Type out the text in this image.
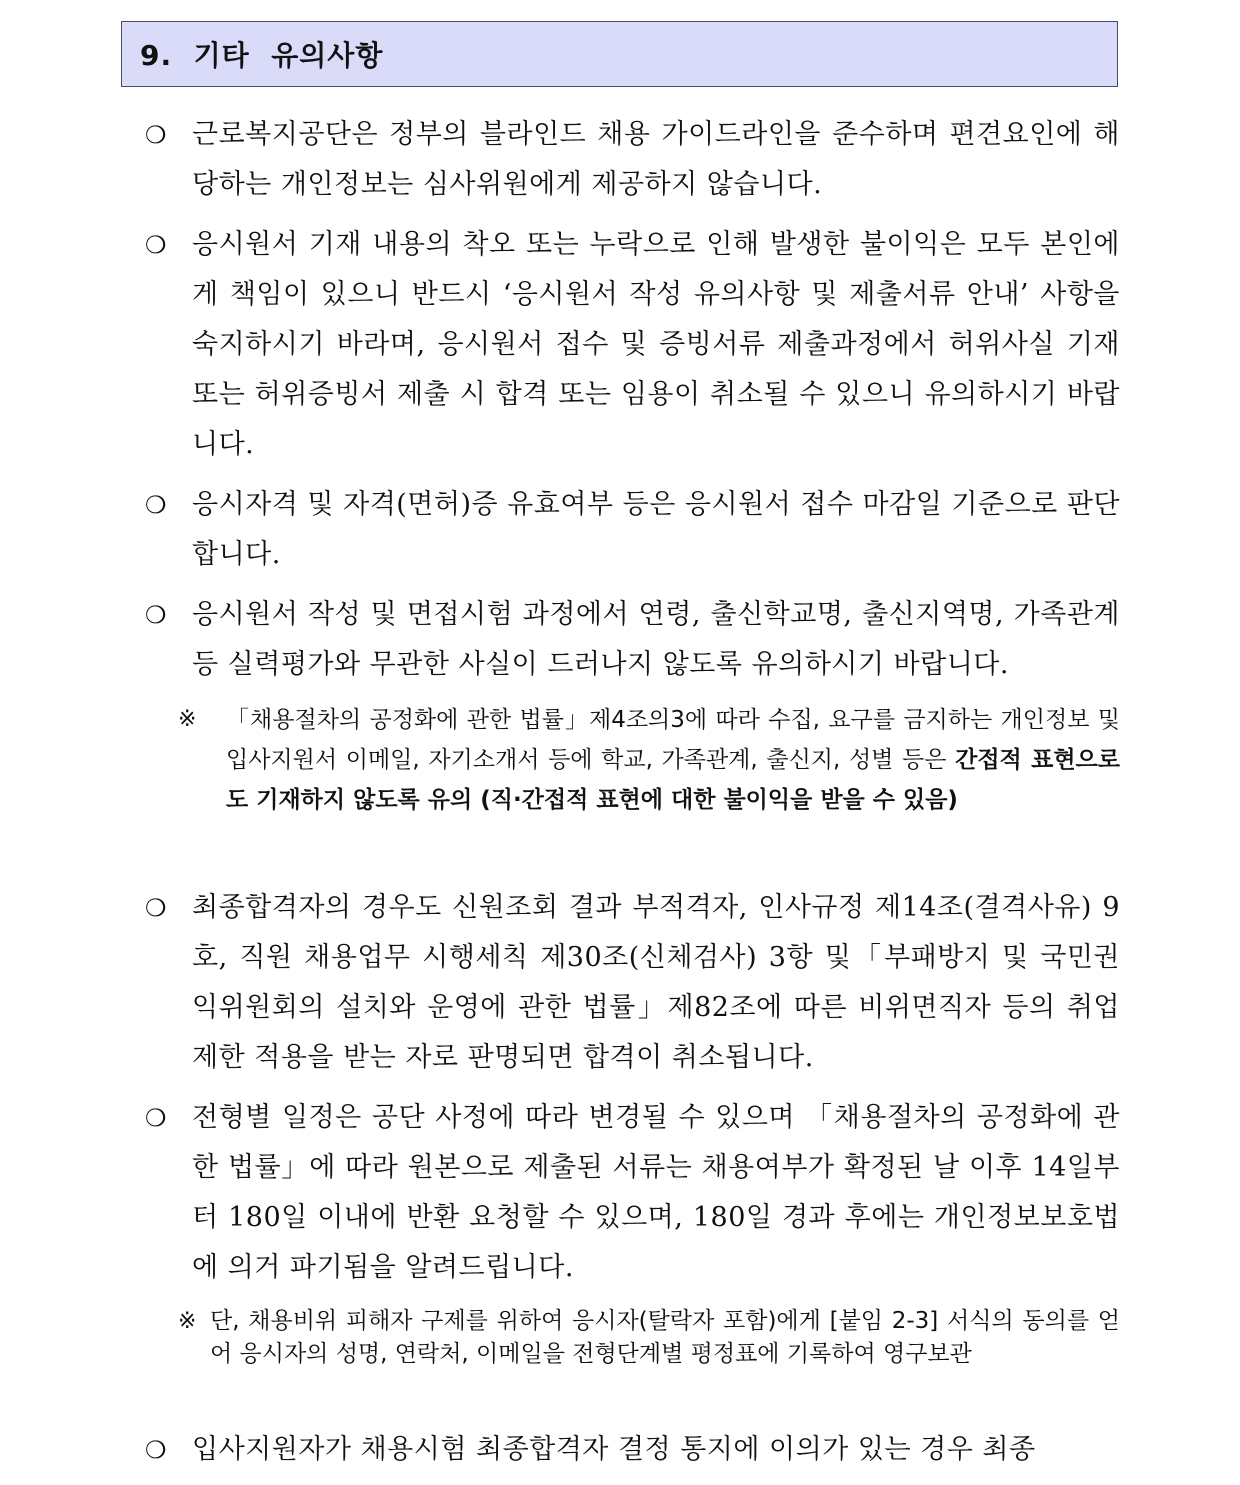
9.  기타  유의사항
❍ 근로복지공단은 정부의 블라인드 채용 가이드라인을 준수하며 편견요인에 해당하는 개인정보는 심사위원에게 제공하지 않습니다.
❍ 응시원서 기재 내용의 착오 또는 누락으로 인해 발생한 불이익은 모두 본인에게 책임이 있으니 반드시 ‘응시원서 작성 유의사항 및 제출서류 안내’ 사항을 숙지하시기 바라며, 응시원서 접수 및 증빙서류 제출과정에서 허위사실 기재 또는 허위증빙서 제출 시 합격 또는 임용이 취소될 수 있으니 유의하시기 바랍니다.
❍ 응시자격 및 자격(면허)증 유효여부 등은 응시원서 접수 마감일 기준으로 판단합니다.
❍ 응시원서 작성 및 면접시험 과정에서 연령, 출신학교명, 출신지역명, 가족관계 등 실력평가와 무관한 사실이 드러나지 않도록 유의하시기 바랍니다.
※ 「채용절차의 공정화에 관한 법률」제4조의3에 따라 수집, 요구를 금지하는 개인정보 및 입사지원서 이메일, 자기소개서 등에 학교, 가족관계, 출신지, 성별 등은 간접적 표현으로도 기재하지 않도록 유의 (직·간접적 표현에 대한 불이익을 받을 수 있음)
❍ 최종합격자의 경우도 신원조회 결과 부적격자, 인사규정 제14조(결격사유) 9호, 직원 채용업무 시행세칙 제30조(신체검사) 3항 및「부패방지 및 국민권익위원회의 설치와 운영에 관한 법률」제82조에 따른 비위면직자 등의 취업제한 적용을 받는 자로 판명되면 합격이 취소됩니다.
❍ 전형별 일정은 공단 사정에 따라 변경될 수 있으며 「채용절차의 공정화에 관한 법률」에 따라 원본으로 제출된 서류는 채용여부가 확정된 날 이후 14일부터 180일 이내에 반환 요청할 수 있으며, 180일 경과 후에는 개인정보보호법에 의거 파기됨을 알려드립니다.
※ 단, 채용비위 피해자 구제를 위하여 응시자(탈락자 포함)에게 [붙임 2-3] 서식의 동의를 얻어 응시자의 성명, 연락처, 이메일을 전형단계별 평정표에 기록하여 영구보관
❍ 입사지원자가 채용시험 최종합격자 결정 통지에 이의가 있는 경우 최종
